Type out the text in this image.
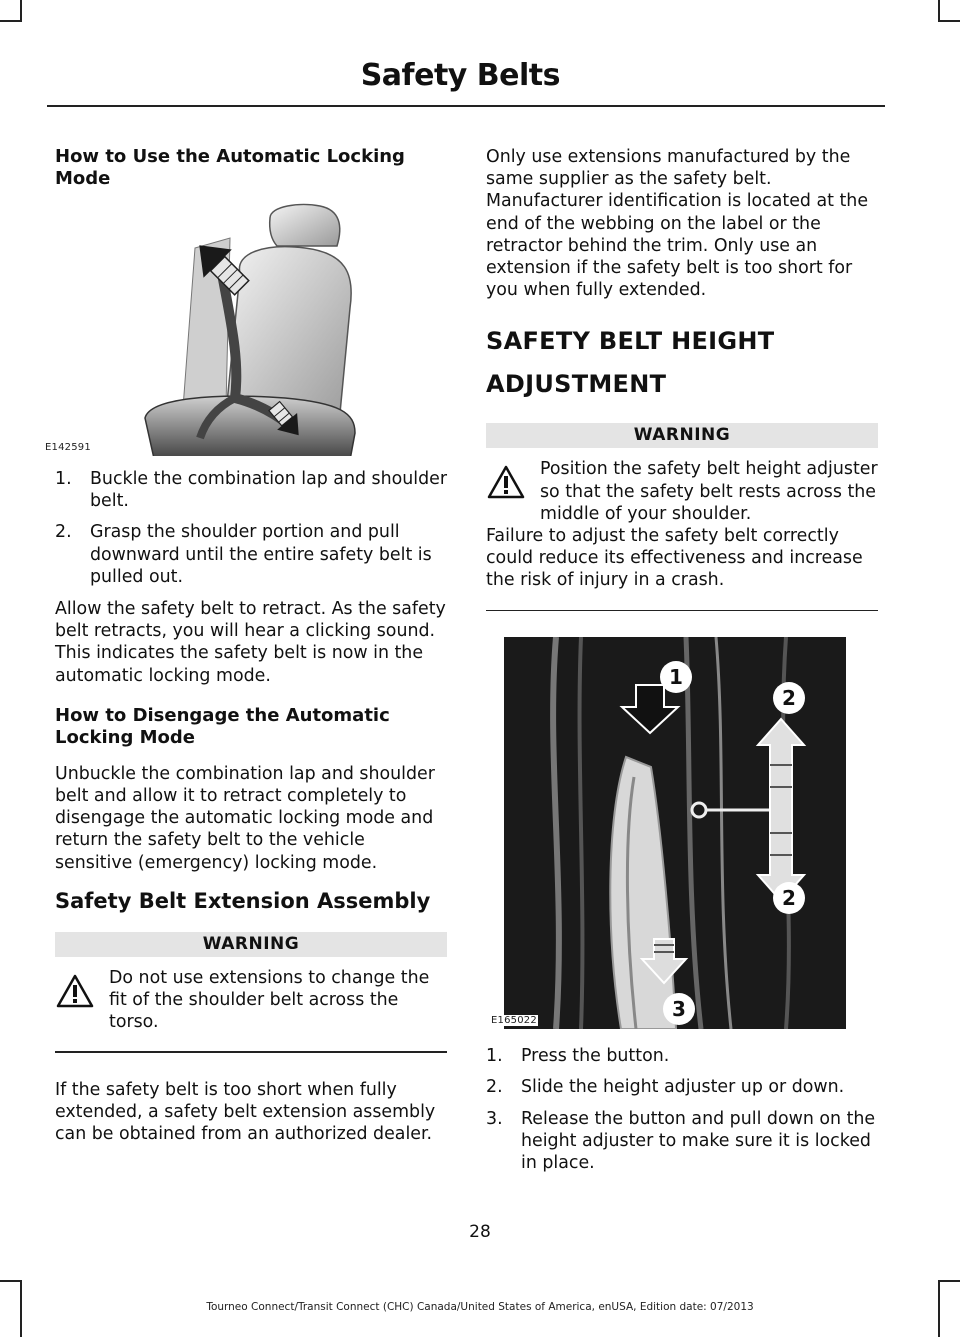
Safety Belts
How to Use the Automatic Locking Mode
E142591
1. Buckle the combination lap and shoulder belt.
2. Grasp the shoulder portion and pull downward until the entire safety belt is pulled out.

Allow the safety belt to retract. As the safety belt retracts, you will hear a clicking sound. This indicates the safety belt is now in the automatic locking mode.

How to Disengage the Automatic Locking Mode

Unbuckle the combination lap and shoulder belt and allow it to retract completely to disengage the automatic locking mode and return the safety belt to the vehicle sensitive (emergency) locking mode.

Safety Belt Extension Assembly
WARNING
Do not use extensions to change the fit of the shoulder belt across the torso.

If the safety belt is too short when fully extended, a safety belt extension assembly can be obtained from an authorized dealer.

Only use extensions manufactured by the same supplier as the safety belt. Manufacturer identification is located at the end of the webbing on the label or the retractor behind the trim. Only use an extension if the safety belt is too short for you when fully extended.

SAFETY BELT HEIGHT
ADJUSTMENT
WARNING
Position the safety belt height adjuster so that the safety belt rests across the middle of your shoulder.
Failure to adjust the safety belt correctly could reduce its effectiveness and increase the risk of injury in a crash.
1
2
2
3
E165022
1. Press the button.
2. Slide the height adjuster up or down.
3. Release the button and pull down on the height adjuster to make sure it is locked in place.
28
Tourneo Connect/Transit Connect (CHC) Canada/United States of America, enUSA, Edition date: 07/2013
